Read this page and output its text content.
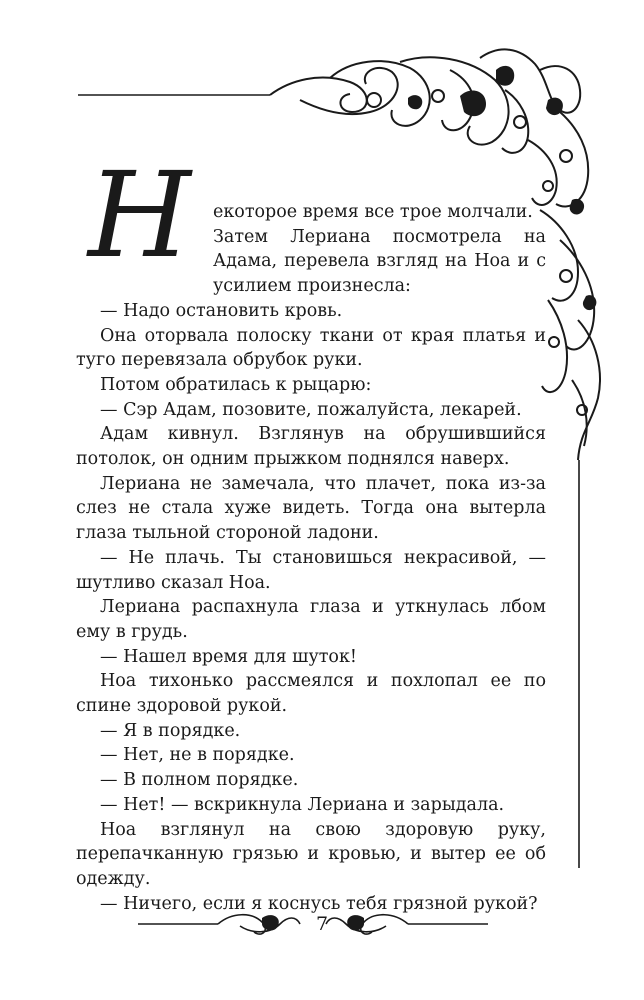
Н екоторое время все трое молчали.

Затем Лериана посмотрела на Адама, перевела взгляд на Ноа и с усилием произнесла:

— Надо остановить кровь.

Она оторвала полоску ткани от края платья и туго перевязала обрубок руки.

Потом обратилась к рыцарю:

— Сэр Адам, позовите, пожалуйста, лекарей.

Адам кивнул. Взглянув на обрушившийся потолок, он одним прыжком поднялся наверх.

Лериана не замечала, что плачет, пока из-за слез не стала хуже видеть. Тогда она вытерла глаза тыльной стороной ладони.

— Не плачь. Ты становишься некрасивой, — шутливо сказал Ноа.

Лериана распахнула глаза и уткнулась лбом ему в грудь.

— Нашел время для шуток!

Ноа тихонько рассмеялся и похлопал ее по спине здоровой рукой.

— Я в порядке.

— Нет, не в порядке.

— В полном порядке.

— Нет! — вскрикнула Лериана и зарыдала.

Ноа взглянул на свою здоровую руку, перепачканную грязью и кровью, и вытер ее об одежду.

— Ничего, если я коснусь тебя грязной рукой?

7
